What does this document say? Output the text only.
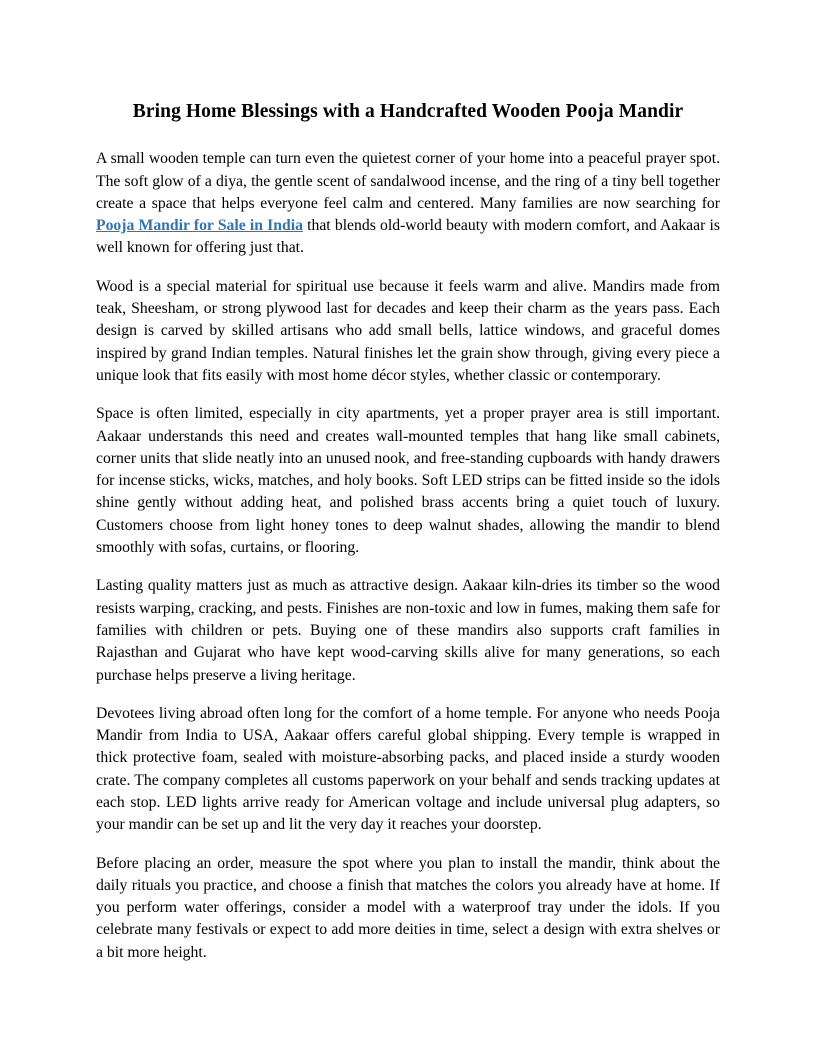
Bring Home Blessings with a Handcrafted Wooden Pooja Mandir

A small wooden temple can turn even the quietest corner of your home into a peaceful prayer spot. The soft glow of a diya, the gentle scent of sandalwood incense, and the ring of a tiny bell together create a space that helps everyone feel calm and centered. Many families are now searching for Pooja Mandir for Sale in India that blends old-world beauty with modern comfort, and Aakaar is well known for offering just that.

Wood is a special material for spiritual use because it feels warm and alive. Mandirs made from teak, Sheesham, or strong plywood last for decades and keep their charm as the years pass. Each design is carved by skilled artisans who add small bells, lattice windows, and graceful domes inspired by grand Indian temples. Natural finishes let the grain show through, giving every piece a unique look that fits easily with most home décor styles, whether classic or contemporary.

Space is often limited, especially in city apartments, yet a proper prayer area is still important. Aakaar understands this need and creates wall-mounted temples that hang like small cabinets, corner units that slide neatly into an unused nook, and free-standing cupboards with handy drawers for incense sticks, wicks, matches, and holy books. Soft LED strips can be fitted inside so the idols shine gently without adding heat, and polished brass accents bring a quiet touch of luxury. Customers choose from light honey tones to deep walnut shades, allowing the mandir to blend smoothly with sofas, curtains, or flooring.

Lasting quality matters just as much as attractive design. Aakaar kiln-dries its timber so the wood resists warping, cracking, and pests. Finishes are non-toxic and low in fumes, making them safe for families with children or pets. Buying one of these mandirs also supports craft families in Rajasthan and Gujarat who have kept wood-carving skills alive for many generations, so each purchase helps preserve a living heritage.

Devotees living abroad often long for the comfort of a home temple. For anyone who needs Pooja Mandir from India to USA, Aakaar offers careful global shipping. Every temple is wrapped in thick protective foam, sealed with moisture-absorbing packs, and placed inside a sturdy wooden crate. The company completes all customs paperwork on your behalf and sends tracking updates at each stop. LED lights arrive ready for American voltage and include universal plug adapters, so your mandir can be set up and lit the very day it reaches your doorstep.

Before placing an order, measure the spot where you plan to install the mandir, think about the daily rituals you practice, and choose a finish that matches the colors you already have at home. If you perform water offerings, consider a model with a waterproof tray under the idols. If you celebrate many festivals or expect to add more deities in time, select a design with extra shelves or a bit more height.
